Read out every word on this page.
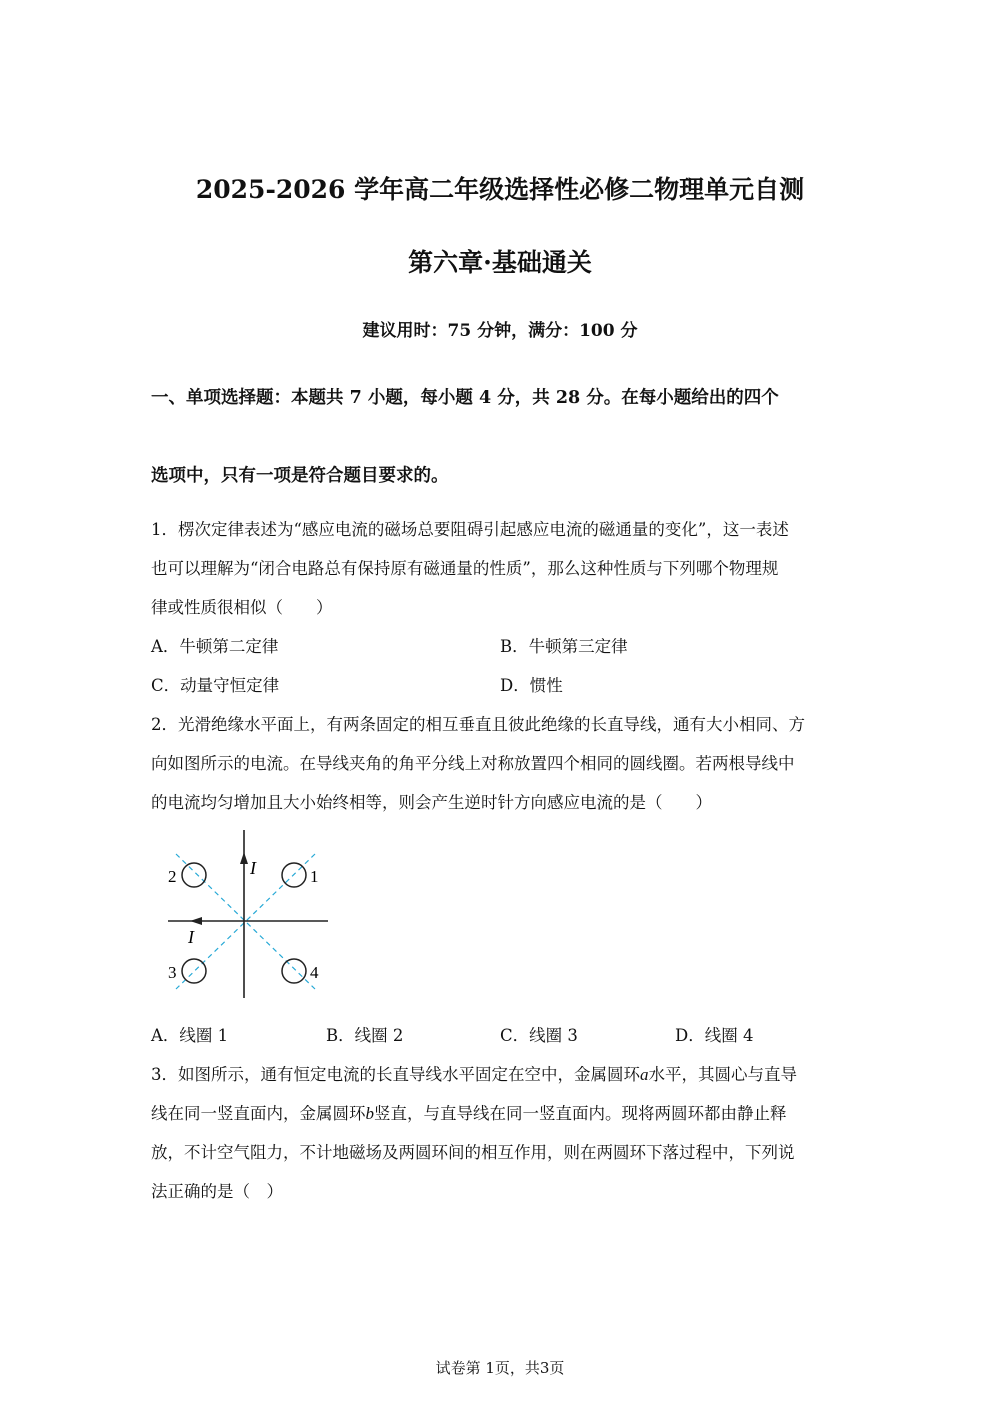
2025-2026 学年高二年级选择性必修二物理单元自测
第六章·基础通关
建议用时：75 分钟，满分：100 分
一、单项选择题：本题共 7 小题，每小题 4 分，共 28 分。在每小题给出的四个
选项中，只有一项是符合题目要求的。
1．楞次定律表述为“感应电流的磁场总要阻碍引起感应电流的磁通量的变化”，这一表述
也可以理解为“闭合电路总有保持原有磁通量的性质”，那么这种性质与下列哪个物理规
律或性质很相似（　　）
A．牛顿第二定律	B．牛顿第三定律
C．动量守恒定律	D．惯性
2．光滑绝缘水平面上，有两条固定的相互垂直且彼此绝缘的长直导线，通有大小相同、方
向如图所示的电流。在导线夹角的角平分线上对称放置四个相同的圆线圈。若两根导线中
的电流均匀增加且大小始终相等，则会产生逆时针方向感应电流的是（　　）
I
I
1
2
3	4
A．线圈 1	B．线圈 2	C．线圈 3	D．线圈 4
3．如图所示，通有恒定电流的长直导线水平固定在空中，金属圆环a水平，其圆心与直导
线在同一竖直面内，金属圆环b竖直，与直导线在同一竖直面内。现将两圆环都由静止释
放，不计空气阻力，不计地磁场及两圆环间的相互作用，则在两圆环下落过程中，下列说
法正确的是（　）
试卷第 1页，共3页
